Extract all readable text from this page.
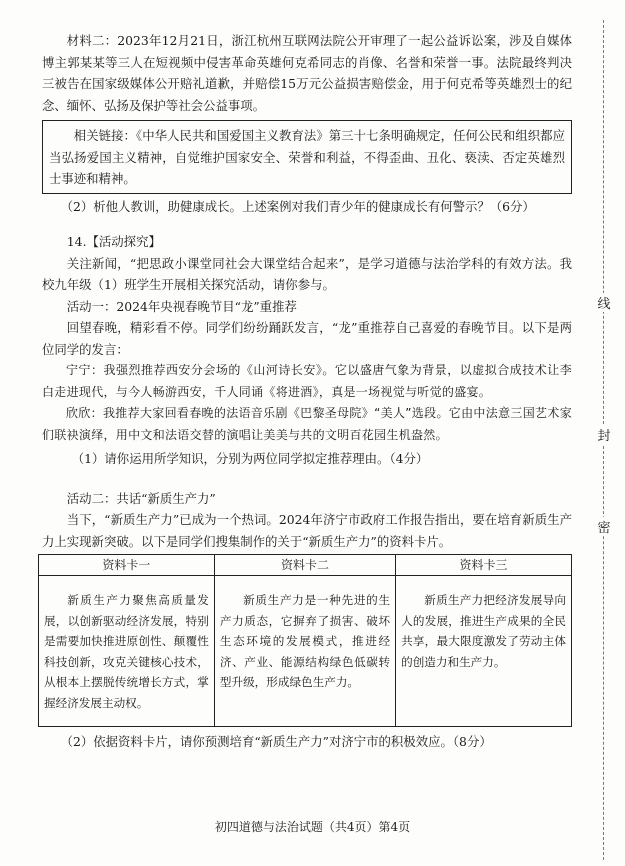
材料二：2023年12月21日，浙江杭州互联网法院公开审理了一起公益诉讼案，涉及自媒体博主郭某某等三人在短视频中侵害革命英雄何克希同志的肖像、名誉和荣誉一事。法院最终判决三被告在国家级媒体公开赔礼道歉，并赔偿15万元公益损害赔偿金，用于何克希等英雄烈士的纪念、缅怀、弘扬及保护等社会公益事项。

相关链接：《中华人民共和国爱国主义教育法》第三十七条明确规定，任何公民和组织都应当弘扬爱国主义精神，自觉维护国家安全、荣誉和利益，不得歪曲、丑化、亵渎、否定英雄烈士事迹和精神。

（2）析他人教训，助健康成长。上述案例对我们青少年的健康成长有何警示？（6分）

14.【活动探究】

关注新闻，“把思政小课堂同社会大课堂结合起来”，是学习道德与法治学科的有效方法。我校九年级（1）班学生开展相关探究活动，请你参与。

活动一：2024年央视春晚节目“龙”重推荐

回望春晚，精彩看不停。同学们纷纷踊跃发言，“龙”重推荐自己喜爱的春晚节目。以下是两位同学的发言：

宁宁：我强烈推荐西安分会场的《山河诗长安》。它以盛唐气象为背景，以虚拟合成技术让李白走进现代，与今人畅游西安，千人同诵《将进酒》，真是一场视觉与听觉的盛宴。

欣欣：我推荐大家回看春晚的法语音乐剧《巴黎圣母院》“美人”选段。它由中法意三国艺术家们联袂演绎，用中文和法语交替的演唱让美美与共的文明百花园生机盎然。

（1）请你运用所学知识，分别为两位同学拟定推荐理由。（4分）

活动二：共话“新质生产力”

当下，“新质生产力”已成为一个热词。2024年济宁市政府工作报告指出，要在培育新质生产力上实现新突破。以下是同学们搜集制作的关于“新质生产力”的资料卡片。

资料卡一	资料卡二	资料卡三

新质生产力聚焦高质量发展，以创新驱动经济发展，特别是需要加快推进原创性、颠覆性科技创新，攻克关键核心技术，从根本上摆脱传统增长方式，掌握经济发展主动权。	新质生产力是一种先进的生产力质态，它摒弃了损害、破坏生态环境的发展模式，推进经济、产业、能源结构绿色低碳转型升级，形成绿色生产力。	新质生产力把经济发展导向人的发展，推进生产成果的全民共享，最大限度激发了劳动主体的创造力和生产力。

（2）依据资料卡片，请你预测培育“新质生产力”对济宁市的积极效应。（8分）

初四道德与法治试题（共4页）第4页
线
封
密
